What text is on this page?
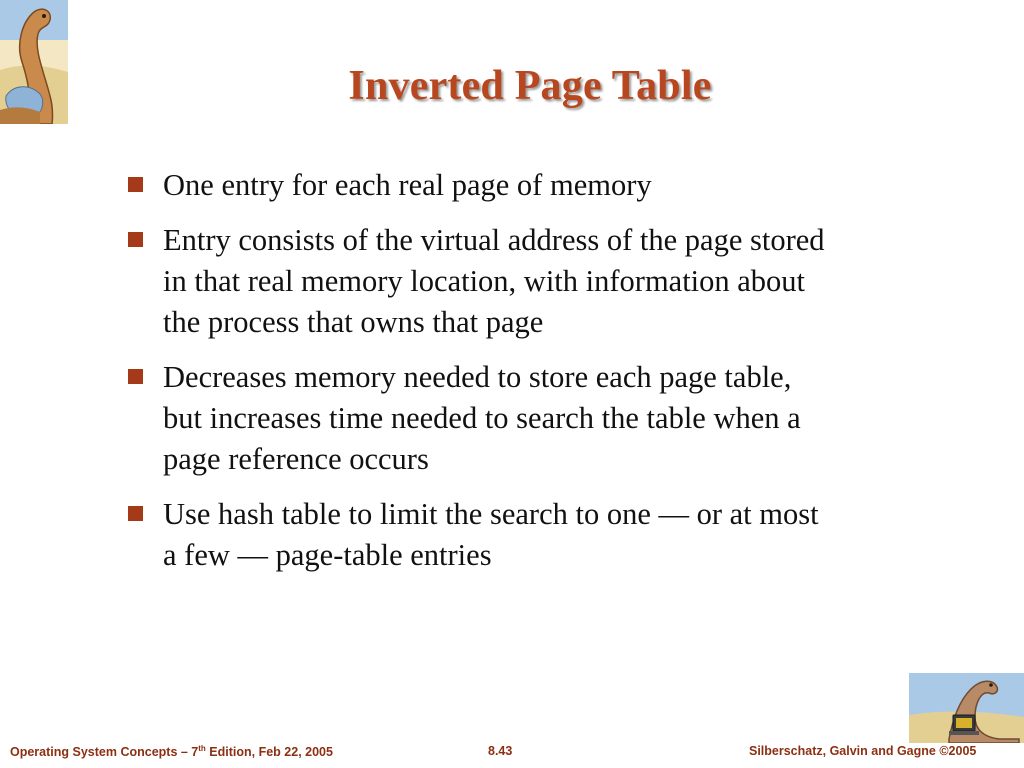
Inverted Page Table
One entry for each real page of memory
Entry consists of the virtual address of the page stored in that real memory location, with information about the process that owns that page
Decreases memory needed to store each page table, but increases time needed to search the table when a page reference occurs
Use hash table to limit the search to one — or at most a few — page-table entries
Operating System Concepts – 7th Edition, Feb 22, 2005	8.43	Silberschatz, Galvin and Gagne ©2005
